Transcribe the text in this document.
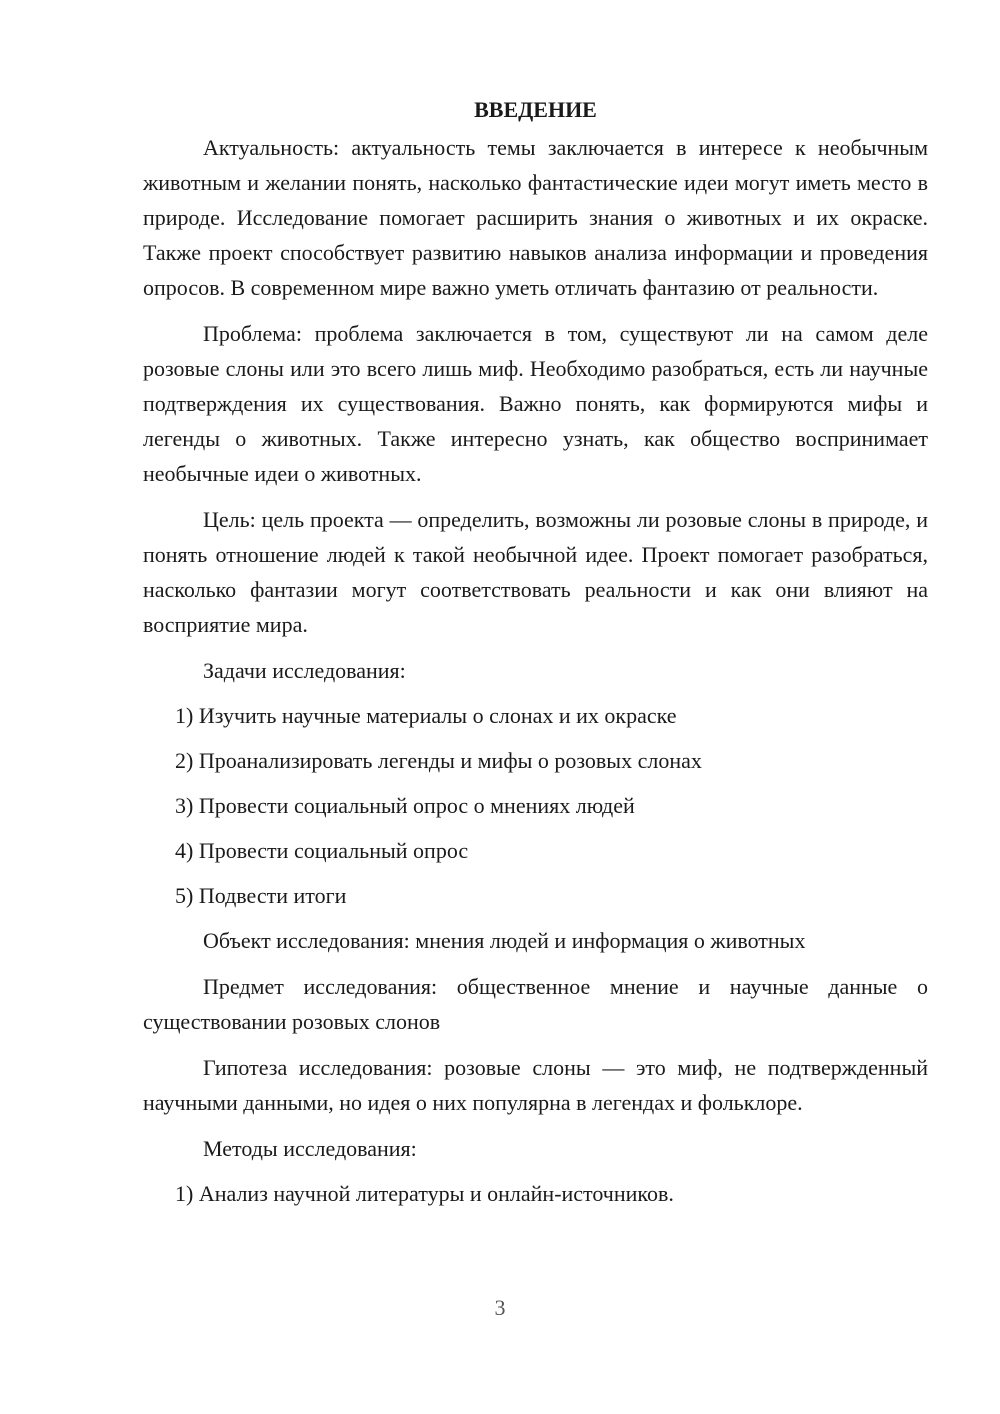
ВВЕДЕНИЕ

Актуальность: актуальность темы заключается в интересе к необычным животным и желании понять, насколько фантастические идеи могут иметь место в природе. Исследование помогает расширить знания о животных и их окраске. Также проект способствует развитию навыков анализа информации и проведения опросов. В современном мире важно уметь отличать фантазию от реальности.

Проблема: проблема заключается в том, существуют ли на самом деле розовые слоны или это всего лишь миф. Необходимо разобраться, есть ли научные подтверждения их существования. Важно понять, как формируются мифы и легенды о животных. Также интересно узнать, как общество воспринимает необычные идеи о животных.

Цель: цель проекта — определить, возможны ли розовые слоны в природе, и понять отношение людей к такой необычной идее. Проект помогает разобраться, насколько фантазии могут соответствовать реальности и как они влияют на восприятие мира.

Задачи исследования:

1) Изучить научные материалы о слонах и их окраске
2) Проанализировать легенды и мифы о розовых слонах
3) Провести социальный опрос о мнениях людей
4) Провести социальный опрос
5) Подвести итоги

Объект исследования: мнения людей и информация о животных

Предмет исследования: общественное мнение и научные данные о существовании розовых слонов

Гипотеза исследования: розовые слоны — это миф, не подтвержденный научными данными, но идея о них популярна в легендах и фольклоре.

Методы исследования:

1) Анализ научной литературы и онлайн-источников.
3
